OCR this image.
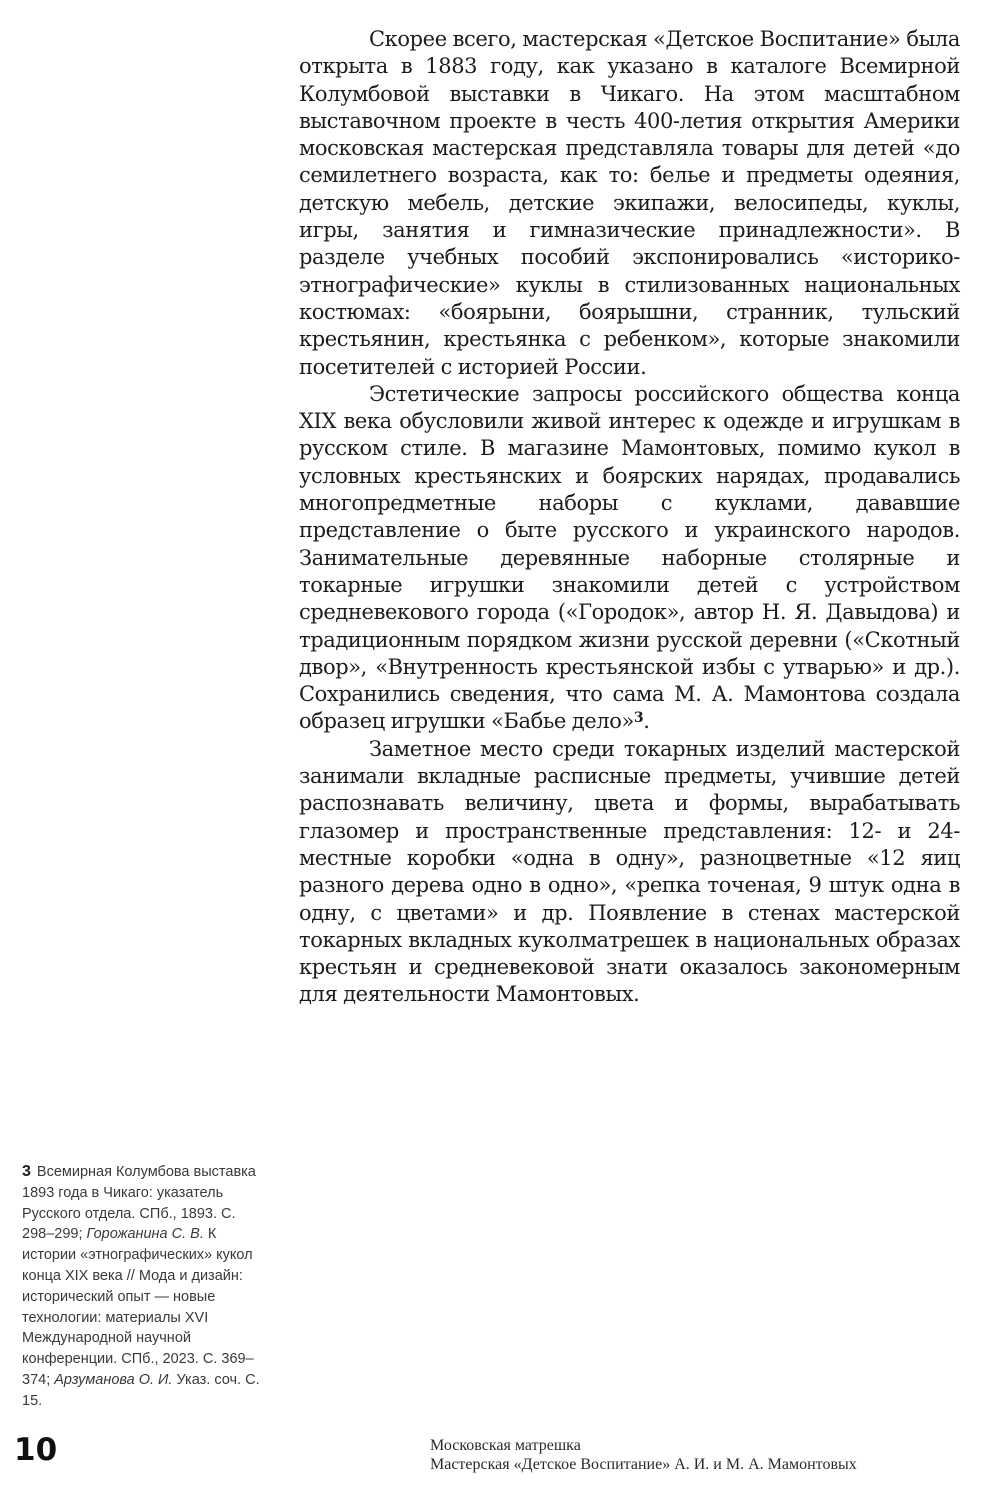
Скорее всего, мастерская «Детское Воспитание» была открыта в 1883 году, как указано в каталоге Всемирной Колумбовой выставки в Чикаго. На этом масштабном выставочном проекте в честь 400-летия открытия Америки московская мастерская представляла товары для детей «до семилетнего возраста, как то: белье и предметы одеяния, детскую мебель, детские экипажи, велосипеды, куклы, игры, занятия и гимназические принадлежности». В разделе учебных пособий экспонировались «историко-этнографические» куклы в стилизованных национальных костюмах: «боярыни, боярышни, странник, тульский крестьянин, крестьянка с ребенком», которые знакомили посетителей с историей России.

Эстетические запросы российского общества конца XIX века обусловили живой интерес к одежде и игрушкам в русском стиле. В магазине Мамонтовых, помимо кукол в условных крестьянских и боярских нарядах, продавались многопредметные наборы с куклами, дававшие представление о быте русского и украинского народов. Занимательные деревянные наборные столярные и токарные игрушки знакомили детей с устройством средневекового города («Городок», автор Н. Я. Давыдова) и традиционным порядком жизни русской деревни («Скотный двор», «Внутренность крестьянской избы с утварью» и др.). Сохранились сведения, что сама М. А. Мамонтова создала образец игрушки «Бабье дело»$^3$.

Заметное место среди токарных изделий мастерской занимали вкладные расписные предметы, учившие детей распознавать величину, цвета и формы, вырабатывать глазомер и пространственные представления: 12- и 24-местные коробки «одна в одну», разноцветные «12 яиц разного дерева одно в одно», «репка точеная, 9 штук одна в одну, с цветами» и др. Появление в стенах мастерской токарных вкладных куколматрешек в национальных образах крестьян и средневековой знати оказалось закономерным для деятельности Мамонтовых.

3 Всемирная Колумбова выставка 1893 года в Чикаго: указатель Русского отдела. СПб., 1893. С. 298–299; Горожанина С. В. К истории «этнографических» кукол конца XIX века // Мода и дизайн: исторический опыт — новые технологии: материалы XVI Международной научной конференции. СПб., 2023. С. 369–374; Арзуманова О. И. Указ. соч. С. 15.
10	Московская матрешка
Мастерская «Детское Воспитание» А. И. и М. А. Мамонтовых
